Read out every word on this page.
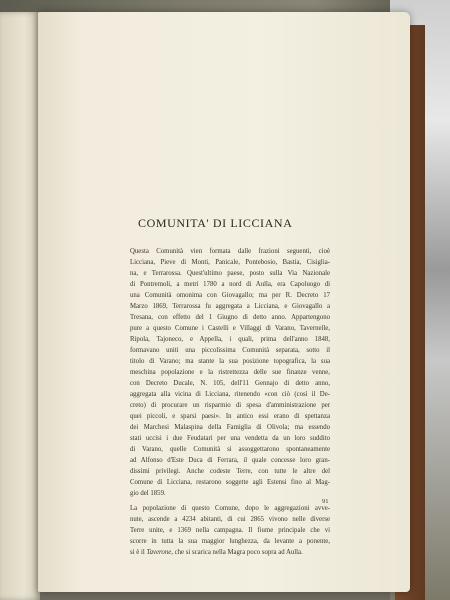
COMUNITA' DI LICCIANA

Questa Comunità vien formata dalle frazioni seguenti, cioè
Licciana, Pieve di Monti, Panicale, Pontebosio, Bastia, Cisiglia-
na, e Terrarossa. Quest'ultimo paese, posto sulla Via Nazionale
di Pontremoli, a metri 1780 a nord di Aulla, era Capoluogo di
una Comunità omonima con Giovagallo; ma per R. Decreto 17
Marzo 1869, Terrarossa fu aggregata a Licciana, e Giovagallo a
Tresana, con effetto del 1 Giugno di detto anno. Appartengono
pure a questo Comune i Castelli e Villaggi di Varano, Tavernelle,
Ripola, Tajoneco, e Appella, i quali, prima dell'anno 1848,
formavano uniti una piccolissima Comunità separata, sotto il
titolo di Varano; ma stante la sua posizione topografica, la sua
meschina popolazione e la ristrettezza delle sue finanze venne,
con Decreto Ducale, N. 105, dell'11 Gennajo di detto anno,
aggregata alla vicina di Licciana, ritenendo «con ciò (così il De-
creto) di procurare un risparmio di spesa d'amministrazione per
quei piccoli, e sparsi paesi». In antico essi erano di spettanza
dei Marchesi Malaspina della Famiglia di Olivola; ma essendo
stati uccisi i due Feudatari per una vendetta da un loro suddito
di Varano, quelle Comunità si assoggettarono spontaneamente
ad Alfonso d'Este Duca di Ferrara, il quale concesse loro gran-
dissimi privilegi. Anche codeste Terre, con tutte le altre del
Comune di Licciana, restarono soggette agli Estensi fino al Mag-
gio del 1859.

La popolazione di questo Comune, dopo le aggregazioni avve-
nute, ascende a 4234 abitanti, di cui 2865 vivono nelle diverse
Terre unite, e 1369 nella campagna. Il fiume principale che vi
scorre in tutta la sua maggior lunghezza, da levante a ponente,
si è il Taverone, che si scarica nella Magra poco sopra ad Aulla.

91
